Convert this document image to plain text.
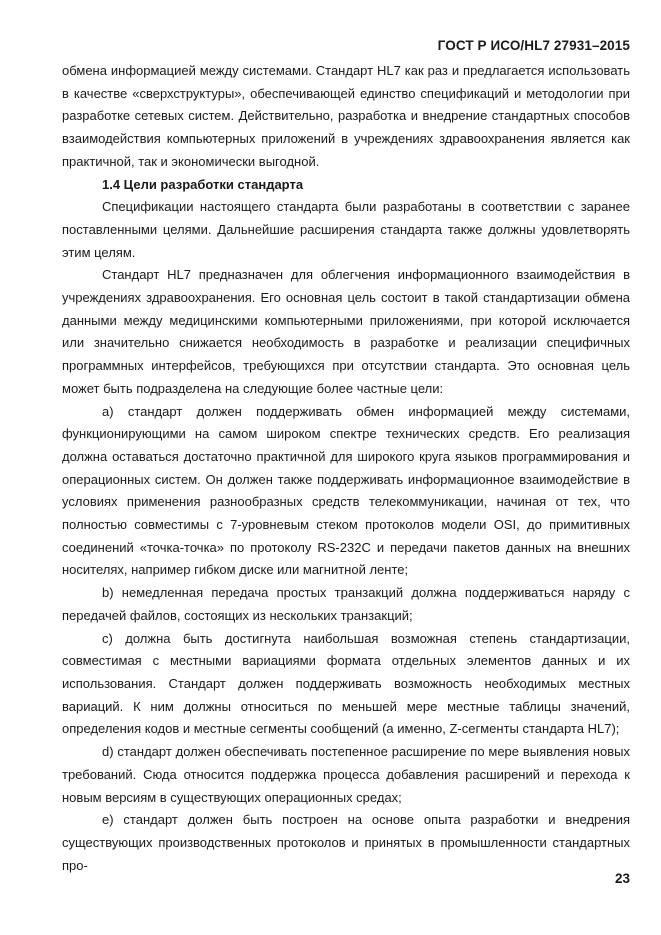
ГОСТ Р ИСО/HL7 27931–2015

обмена информацией между системами. Стандарт HL7 как раз и предлагается использовать в качестве «сверхструктуры», обеспечивающей единство спецификаций и методологии при разработке сетевых систем. Действительно, разработка и внедрение стандартных способов взаимодействия компьютерных приложений в учреждениях здравоохранения является как практичной, так и экономически выгодной.

1.4 Цели разработки стандарта

Спецификации настоящего стандарта были разработаны в соответствии с заранее поставленными целями. Дальнейшие расширения стандарта также должны удовлетворять этим целям.

Стандарт HL7 предназначен для облегчения информационного взаимодействия в учреждениях здравоохранения. Его основная цель состоит в такой стандартизации обмена данными между медицинскими компьютерными приложениями, при которой исключается или значительно снижается необходимость в разработке и реализации специфичных программных интерфейсов, требующихся при отсутствии стандарта. Это основная цель может быть подразделена на следующие более частные цели:

a) стандарт должен поддерживать обмен информацией между системами, функционирующими на самом широком спектре технических средств. Его реализация должна оставаться достаточно практичной для широкого круга языков программирования и операционных систем. Он должен также поддерживать информационное взаимодействие в условиях применения разнообразных средств телекоммуникации, начиная от тех, что полностью совместимы с 7-уровневым стеком протоколов модели OSI, до примитивных соединений «точка-точка» по протоколу RS-232C и передачи пакетов данных на внешних носителях, например гибком диске или магнитной ленте;

b) немедленная передача простых транзакций должна поддерживаться наряду с передачей файлов, состоящих из нескольких транзакций;

c) должна быть достигнута наибольшая возможная степень стандартизации, совместимая с местными вариациями формата отдельных элементов данных и их использования. Стандарт должен поддерживать возможность необходимых местных вариаций. К ним должны относиться по меньшей мере местные таблицы значений, определения кодов и местные сегменты сообщений (а именно, Z-сегменты стандарта HL7);

d) стандарт должен обеспечивать постепенное расширение по мере выявления новых требований. Сюда относится поддержка процесса добавления расширений и перехода к новым версиям в существующих операционных средах;

e) стандарт должен быть построен на основе опыта разработки и внедрения существующих производственных протоколов и принятых в промышленности стандартных про-

23
